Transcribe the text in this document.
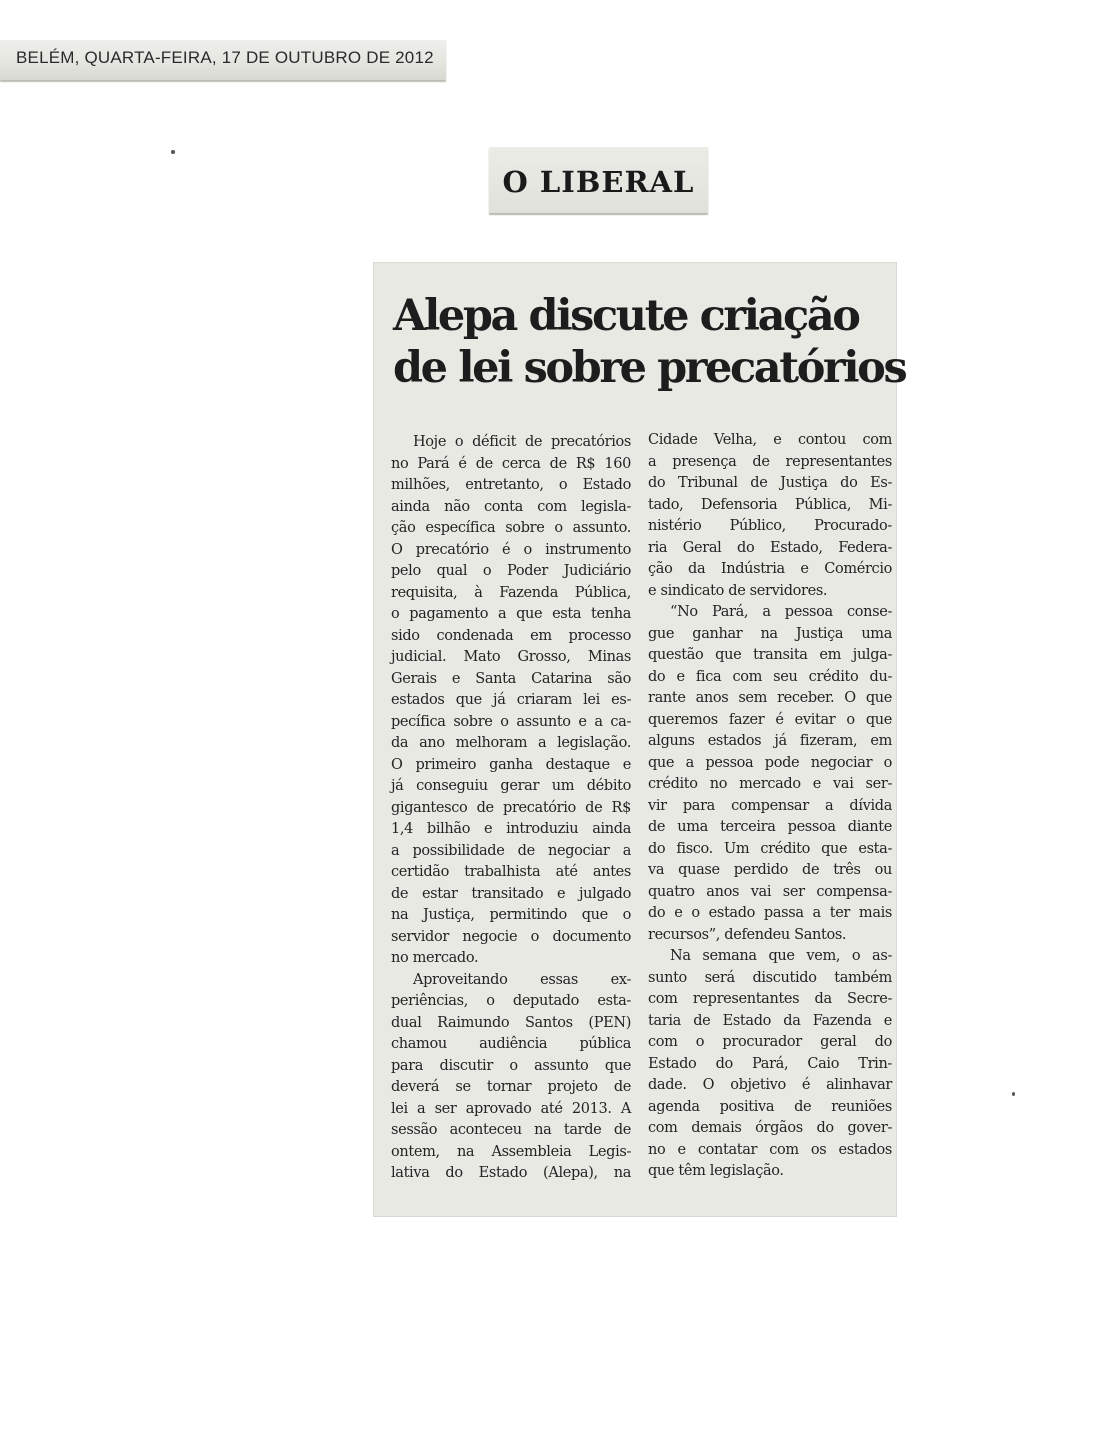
BELÉM, QUARTA-FEIRA, 17 DE OUTUBRO DE 2012
O LIBERAL
Alepa discute criação
de lei sobre precatórios
Hoje o déficit de precatórios
no Pará é de cerca de R$ 160
milhões, entretanto, o Estado
ainda não conta com legisla-
ção específica sobre o assunto.
O precatório é o instrumento
pelo qual o Poder Judiciário
requisita, à Fazenda Pública,
o pagamento a que esta tenha
sido condenada em processo
judicial. Mato Grosso, Minas
Gerais e Santa Catarina são
estados que já criaram lei es-
pecífica sobre o assunto e a ca-
da ano melhoram a legislação.
O primeiro ganha destaque e
já conseguiu gerar um débito
gigantesco de precatório de R$
1,4 bilhão e introduziu ainda
a possibilidade de negociar a
certidão trabalhista até antes
de estar transitado e julgado
na Justiça, permitindo que o
servidor negocie o documento
no mercado.
Aproveitando essas ex-
periências, o deputado esta-
dual Raimundo Santos (PEN)
chamou audiência pública
para discutir o assunto que
deverá se tornar projeto de
lei a ser aprovado até 2013. A
sessão aconteceu na tarde de
ontem, na Assembleia Legis-
lativa do Estado (Alepa), na
Cidade Velha, e contou com
a presença de representantes
do Tribunal de Justiça do Es-
tado, Defensoria Pública, Mi-
nistério Público, Procurado-
ria Geral do Estado, Federa-
ção da Indústria e Comércio
e sindicato de servidores.
“No Pará, a pessoa conse-
gue ganhar na Justiça uma
questão que transita em julga-
do e fica com seu crédito du-
rante anos sem receber. O que
queremos fazer é evitar o que
alguns estados já fizeram, em
que a pessoa pode negociar o
crédito no mercado e vai ser-
vir para compensar a dívida
de uma terceira pessoa diante
do fisco. Um crédito que esta-
va quase perdido de três ou
quatro anos vai ser compensa-
do e o estado passa a ter mais
recursos”, defendeu Santos.
Na semana que vem, o as-
sunto será discutido também
com representantes da Secre-
taria de Estado da Fazenda e
com o procurador geral do
Estado do Pará, Caio Trin-
dade. O objetivo é alinhavar
agenda positiva de reuniões
com demais órgãos do gover-
no e contatar com os estados
que têm legislação.
